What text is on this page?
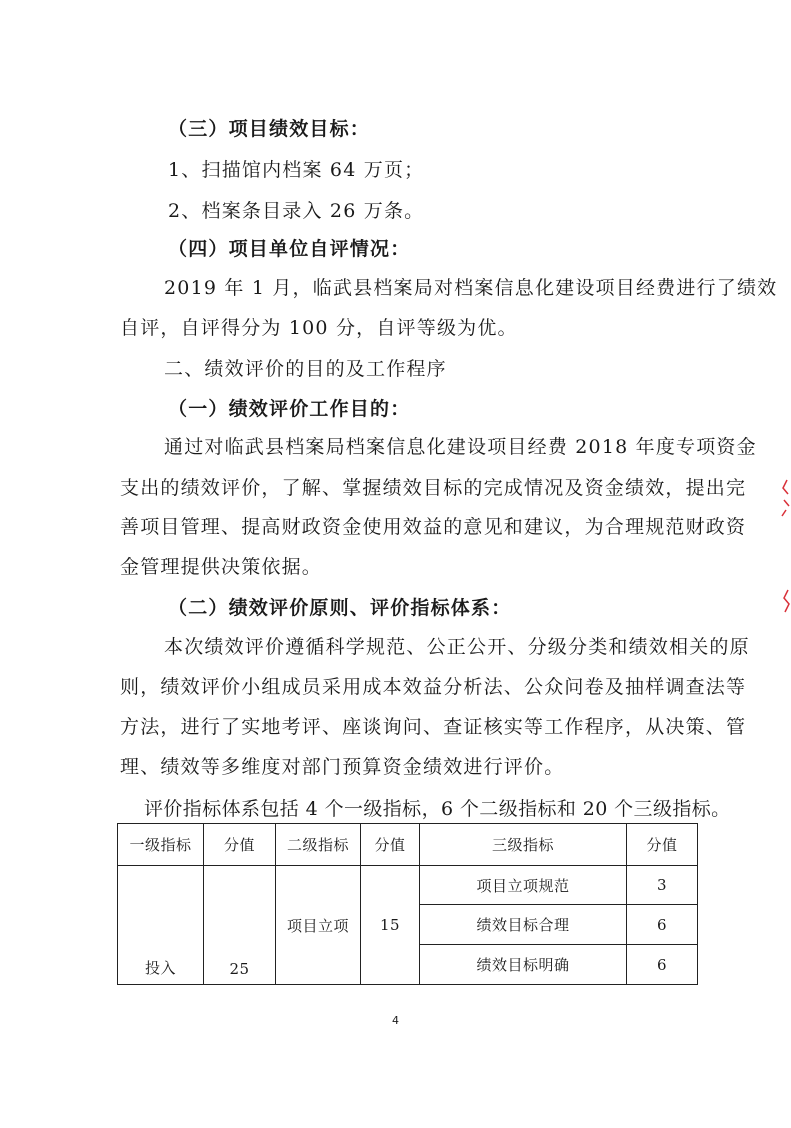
（三）项目绩效目标：
1、扫描馆内档案 64 万页；
2、档案条目录入 26 万条。
（四）项目单位自评情况：
2019 年 1 月，临武县档案局对档案信息化建设项目经费进行了绩效
自评，自评得分为 100 分，自评等级为优。
二、绩效评价的目的及工作程序
（一）绩效评价工作目的：
通过对临武县档案局档案信息化建设项目经费 2018 年度专项资金
支出的绩效评价，了解、掌握绩效目标的完成情况及资金绩效，提出完
善项目管理、提高财政资金使用效益的意见和建议，为合理规范财政资
金管理提供决策依据。
（二）绩效评价原则、评价指标体系：
本次绩效评价遵循科学规范、公正公开、分级分类和绩效相关的原
则，绩效评价小组成员采用成本效益分析法、公众问卷及抽样调查法等
方法，进行了实地考评、座谈询问、查证核实等工作程序，从决策、管
理、绩效等多维度对部门预算资金绩效进行评价。
评价指标体系包括 4 个一级指标，6 个二级指标和 20 个三级指标。
一级指标	分值	二级指标	分值	三级指标	分值
投入	25	项目立项	15	项目立项规范	3
				绩效目标合理	6
				绩效目标明确	6
4
